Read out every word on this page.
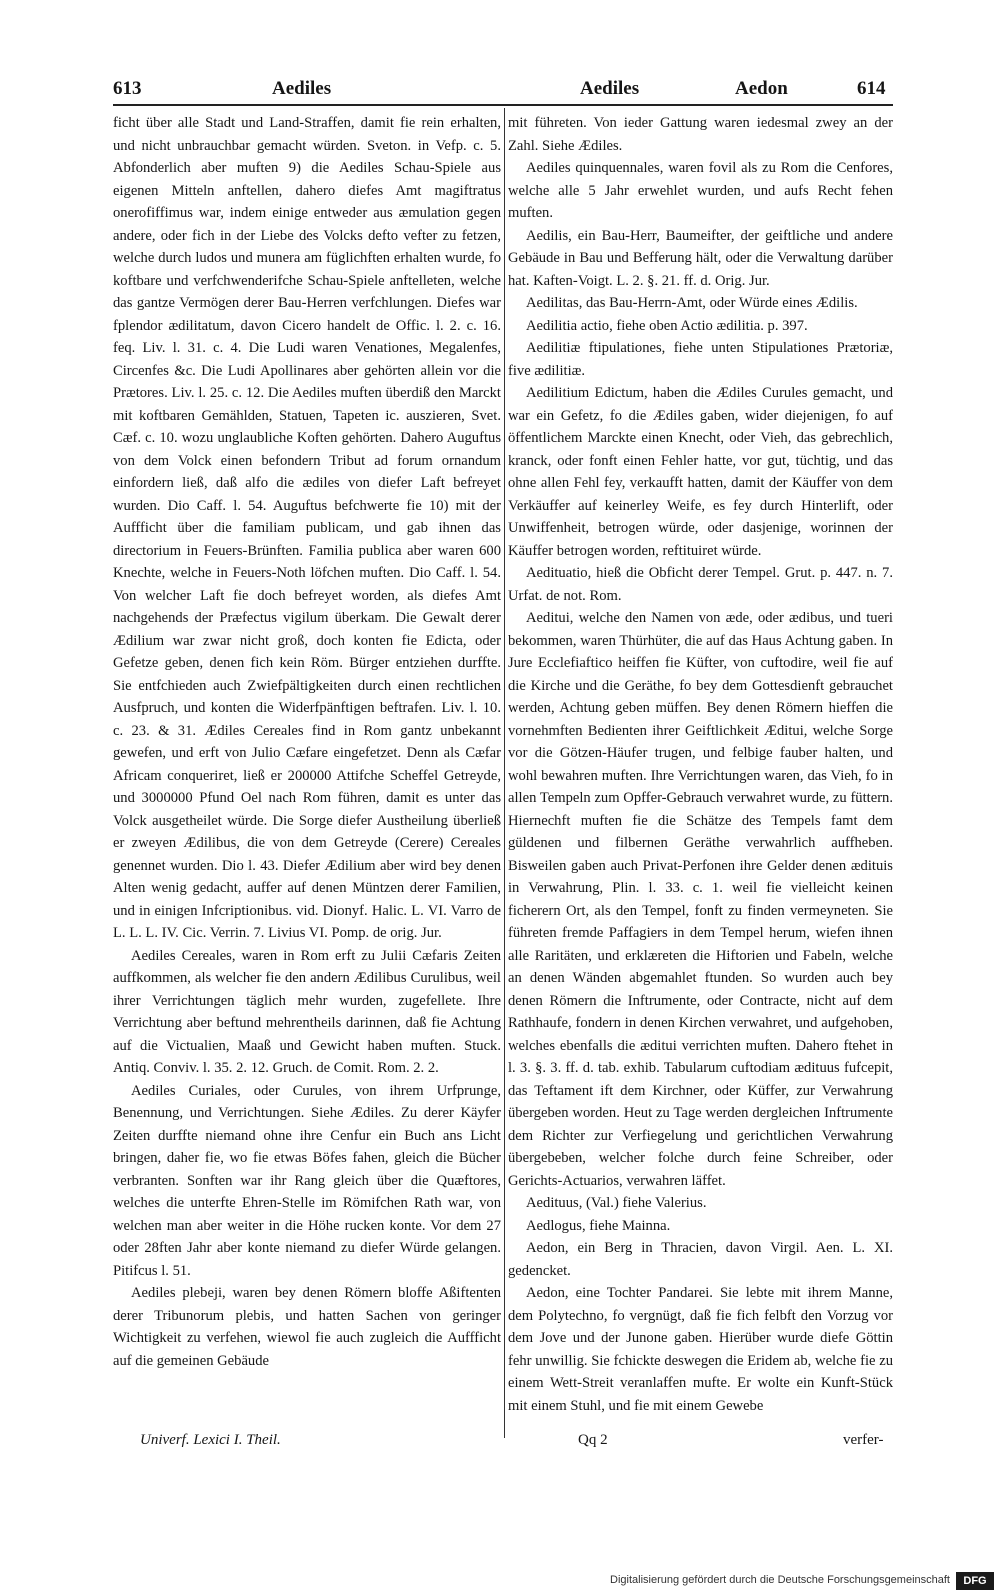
613	Aediles	Aediles	Aedon	614

ficht über alle Stadt und Land-Straffen, damit fie rein erhalten, und nicht unbrauchbar gemacht würden. Sveton. in Vefp. c. 5. Abfonderlich aber muften 9) die Aediles Schau-Spiele aus eigenen Mitteln anftellen, dahero diefes Amt magiftratus onerofiffimus war, indem einige entweder aus æmulation gegen andere, oder fich in der Liebe des Volcks defto vefter zu fetzen, welche durch ludos und munera am füglichften erhalten wurde, fo koftbare und verfchwenderifche Schau-Spiele anftelleten, welche das gantze Vermögen derer Bau-Herren verfchlungen. Diefes war fplendor ædilitatum, davon Cicero handelt de Offic. l. 2. c. 16. feq. Liv. l. 31. c. 4. Die Ludi waren Venationes, Megalenfes, Circenfes &c. Die Ludi Apollinares aber gehörten allein vor die Prætores. Liv. l. 25. c. 12. Die Aediles muften überdiß den Marckt mit koftbaren Gemählden, Statuen, Tapeten ic. auszieren, Svet. Cæf. c. 10. wozu unglaubliche Koften gehörten. Dahero Auguftus von dem Volck einen befondern Tribut ad forum ornandum einfordern ließ, daß alfo die ædiles von diefer Laft befreyet wurden. Dio Caff. l. 54. Auguftus befchwerte fie 10) mit der Auffficht über die familiam publicam, und gab ihnen das directorium in Feuers-Brünften. Familia publica aber waren 600 Knechte, welche in Feuers-Noth löfchen muften. Dio Caff. l. 54. Von welcher Laft fie doch befreyet worden, als diefes Amt nachgehends der Præfectus vigilum überkam. Die Gewalt derer Ædilium war zwar nicht groß, doch konten fie Edicta, oder Gefetze geben, denen fich kein Röm. Bürger entziehen durffte. Sie entfchieden auch Zwiefpältigkeiten durch einen rechtlichen Ausfpruch, und konten die Widerfpänftigen beftrafen. Liv. l. 10. c. 23. & 31. Ædiles Cereales find in Rom gantz unbekannt gewefen, und erft von Julio Cæfare eingefetzet. Denn als Cæfar Africam conqueriret, ließ er 200000 Attifche Scheffel Getreyde, und 3000000 Pfund Oel nach Rom führen, damit es unter das Volck ausgetheilet würde. Die Sorge diefer Austheilung überließ er zweyen Ædilibus, die von dem Getreyde (Cerere) Cereales genennet wurden. Dio l. 43. Diefer Ædilium aber wird bey denen Alten wenig gedacht, auffer auf denen Müntzen derer Familien, und in einigen Infcriptionibus. vid. Dionyf. Halic. L. VI. Varro de L. L. L. IV. Cic. Verrin. 7. Livius VI. Pomp. de orig. Jur.

Aediles Cereales, waren in Rom erft zu Julii Cæfaris Zeiten auffkommen, als welcher fie den andern Ædilibus Curulibus, weil ihrer Verrichtungen täglich mehr wurden, zugefellete. Ihre Verrichtung aber beftund mehrentheils darinnen, daß fie Achtung auf die Victualien, Maaß und Gewicht haben muften. Stuck. Antiq. Conviv. l. 35. 2. 12. Gruch. de Comit. Rom. 2. 2.

Aediles Curiales, oder Curules, von ihrem Urfprunge, Benennung, und Verrichtungen. Siehe Ædiles. Zu derer Käyfer Zeiten durffte niemand ohne ihre Cenfur ein Buch ans Licht bringen, daher fie, wo fie etwas Böfes fahen, gleich die Bücher verbranten. Sonften war ihr Rang gleich über die Quæftores, welches die unterfte Ehren-Stelle im Römifchen Rath war, von welchen man aber weiter in die Höhe rucken konte. Vor dem 27 oder 28ften Jahr aber konte niemand zu diefer Würde gelangen. Pitifcus l. 51.

Aediles plebeji, waren bey denen Römern bloffe Aßiftenten derer Tribunorum plebis, und hatten Sachen von geringer Wichtigkeit zu verfehen, wiewol fie auch zugleich die Auffficht auf die gemeinen Gebäude

mit führeten. Von ieder Gattung waren iedesmal zwey an der Zahl. Siehe Ædiles.

Aediles quinquennales, waren fovil als zu Rom die Cenfores, welche alle 5 Jahr erwehlet wurden, und aufs Recht fehen muften.

Aedilis, ein Bau-Herr, Baumeifter, der geiftliche und andere Gebäude in Bau und Befferung hält, oder die Verwaltung darüber hat. Kaften-Voigt. L. 2. §. 21. ff. d. Orig. Jur.

Aedilitas, das Bau-Herrn-Amt, oder Würde eines Ædilis.

Aedilitia actio, fiehe oben Actio ædilitia. p. 397.

Aedilitiæ ftipulationes, fiehe unten Stipulationes Prætoriæ, five ædilitiæ.

Aedilitium Edictum, haben die Ædiles Curules gemacht, und war ein Gefetz, fo die Ædiles gaben, wider diejenigen, fo auf öffentlichem Marckte einen Knecht, oder Vieh, das gebrechlich, kranck, oder fonft einen Fehler hatte, vor gut, tüchtig, und das ohne allen Fehl fey, verkaufft hatten, damit der Käuffer von dem Verkäuffer auf keinerley Weife, es fey durch Hinterlift, oder Unwiffenheit, betrogen würde, oder dasjenige, worinnen der Käuffer betrogen worden, reftituiret würde.

Aedituatio, hieß die Obficht derer Tempel. Grut. p. 447. n. 7. Urfat. de not. Rom.

Aeditui, welche den Namen von æde, oder ædibus, und tueri bekommen, waren Thürhüter, die auf das Haus Achtung gaben. In Jure Ecclefiaftico heiffen fie Küfter, von cuftodire, weil fie auf die Kirche und die Geräthe, fo bey dem Gottesdienft gebrauchet werden, Achtung geben müffen. Bey denen Römern hieffen die vornehmften Bedienten ihrer Geiftlichkeit Æditui, welche Sorge vor die Götzen-Häufer trugen, und felbige fauber halten, und wohl bewahren muften. Ihre Verrichtungen waren, das Vieh, fo in allen Tempeln zum Opffer-Gebrauch verwahret wurde, zu füttern. Hiernechft muften fie die Schätze des Tempels famt dem güldenen und filbernen Geräthe verwahrlich auffheben. Bisweilen gaben auch Privat-Perfonen ihre Gelder denen ædituis in Verwahrung, Plin. l. 33. c. 1. weil fie vielleicht keinen ficherern Ort, als den Tempel, fonft zu finden vermeyneten. Sie führeten fremde Paffagiers in dem Tempel herum, wiefen ihnen alle Raritäten, und erklæreten die Hiftorien und Fabeln, welche an denen Wänden abgemahlet ftunden. So wurden auch bey denen Römern die Inftrumente, oder Contracte, nicht auf dem Rathhaufe, fondern in denen Kirchen verwahret, und aufgehoben, welches ebenfalls die æditui verrichten muften. Dahero ftehet in l. 3. §. 3. ff. d. tab. exhib. Tabularum cuftodiam ædituus fufcepit, das Teftament ift dem Kirchner, oder Küffer, zur Verwahrung übergeben worden. Heut zu Tage werden dergleichen Inftrumente dem Richter zur Verfiegelung und gerichtlichen Verwahrung übergebeben, welcher folche durch feine Schreiber, oder Gerichts-Actuarios, verwahren läffet.

Aedituus, (Val.) fiehe Valerius.

Aedlogus, fiehe Mainna.

Aedon, ein Berg in Thracien, davon Virgil. Aen. L. XI. gedencket.

Aedon, eine Tochter Pandarei. Sie lebte mit ihrem Manne, dem Polytechno, fo vergnügt, daß fie fich felbft den Vorzug vor dem Jove und der Junone gaben. Hierüber wurde diefe Göttin fehr unwillig. Sie fchickte deswegen die Eridem ab, welche fie zu einem Wett-Streit veranlaffen mufte. Er wolte ein Kunft-Stück mit einem Stuhl, und fie mit einem Gewebe

Univerf. Lexici I. Theil.	Qq 2	verfer-
Digitalisierung gefördert durch die Deutsche Forschungsgemeinschaft	DFG
